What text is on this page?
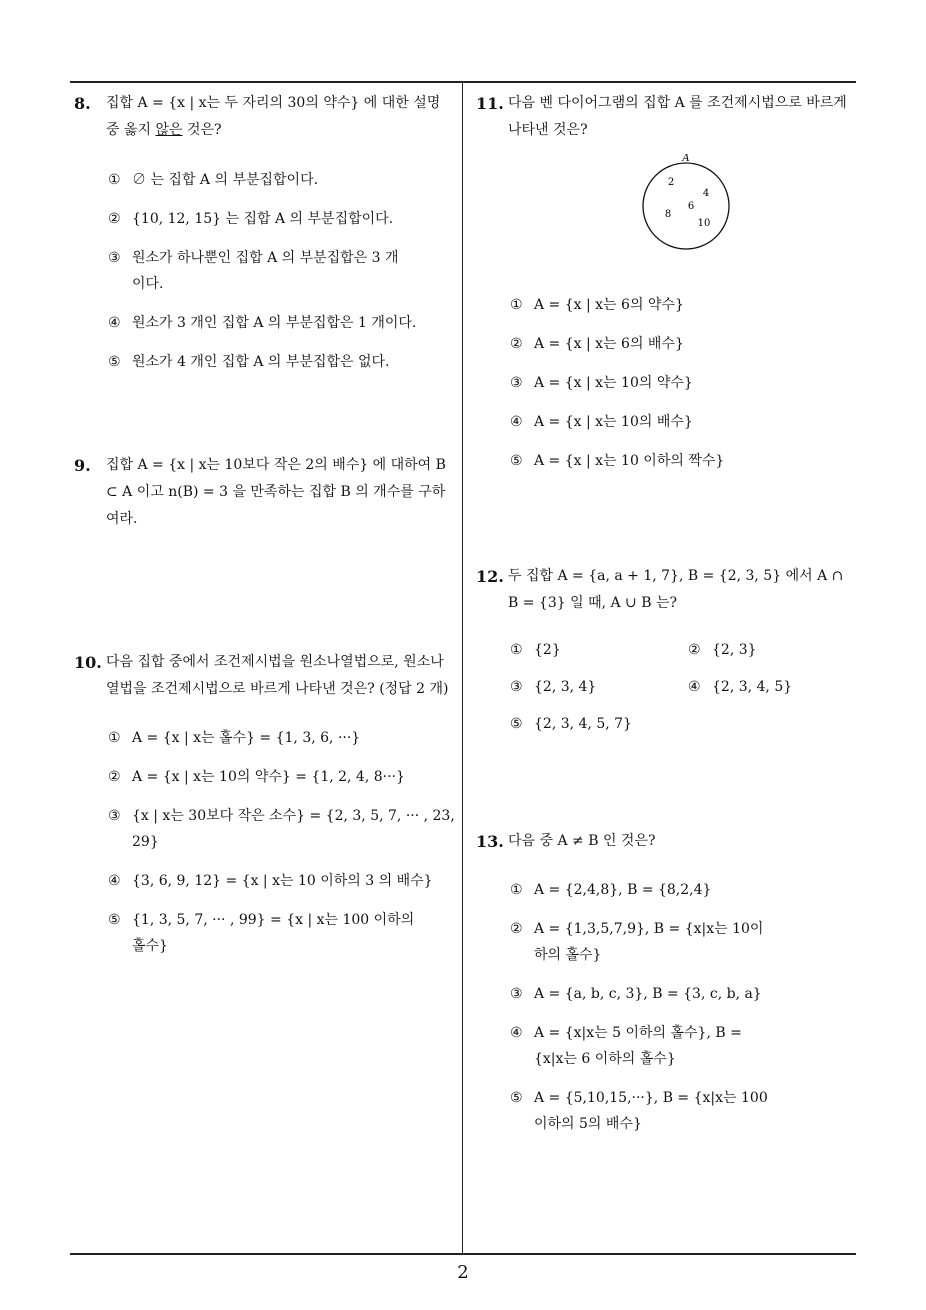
8. 집합 A = {x | x는 두 자리의 30의 약수} 에 대한 설명 중 옳지 않은 것은?
① ∅ 는 집합 A 의 부분집합이다.
② {10, 12, 15} 는 집합 A 의 부분집합이다.
③ 원소가 하나뿐인 집합 A 의 부분집합은 3 개이다.
④ 원소가 3 개인 집합 A 의 부분집합은 1 개이다.
⑤ 원소가 4 개인 집합 A 의 부분집합은 없다.
9. 집합 A = {x | x는 10보다 작은 2의 배수} 에 대하여 B ⊂ A 이고 n(B) = 3 을 만족하는 집합 B 의 개수를 구하여라.
10. 다음 집합 중에서 조건제시법을 원소나열법으로, 원소나열법을 조건제시법으로 바르게 나타낸 것은? (정답 2 개)
① A = {x | x는 홀수} = {1, 3, 6, ···}
② A = {x | x는 10의 약수} = {1, 2, 4, 8···}
③ {x | x는 30보다 작은 소수} = {2, 3, 5, 7, ··· , 23, 29}
④ {3, 6, 9, 12} = {x | x는 10 이하의 3 의 배수}
⑤ {1, 3, 5, 7, ··· , 99} = {x | x는 100 이하의 홀수}
11. 다음 벤 다이어그램의 집합 A 를 조건제시법으로 바르게 나타낸 것은?
A
2
4
6
8
10
① A = {x | x는 6의 약수}
② A = {x | x는 6의 배수}
③ A = {x | x는 10의 약수}
④ A = {x | x는 10의 배수}
⑤ A = {x | x는 10 이하의 짝수}
12. 두 집합 A = {a, a + 1, 7}, B = {2, 3, 5} 에서 A ∩ B = {3} 일 때, A ∪ B 는?
① {2}	② {2, 3}
③ {2, 3, 4}	④ {2, 3, 4, 5}
⑤ {2, 3, 4, 5, 7}
13. 다음 중 A ≠ B 인 것은?
① A = {2,4,8}, B = {8,2,4}
② A = {1,3,5,7,9}, B = {x|x는 10이하의 홀수}
③ A = {a, b, c, 3}, B = {3, c, b, a}
④ A = {x|x는 5 이하의 홀수}, B = {x|x는 6 이하의 홀수}
⑤ A = {5,10,15,···}, B = {x|x는 100 이하의 5의 배수}
2
